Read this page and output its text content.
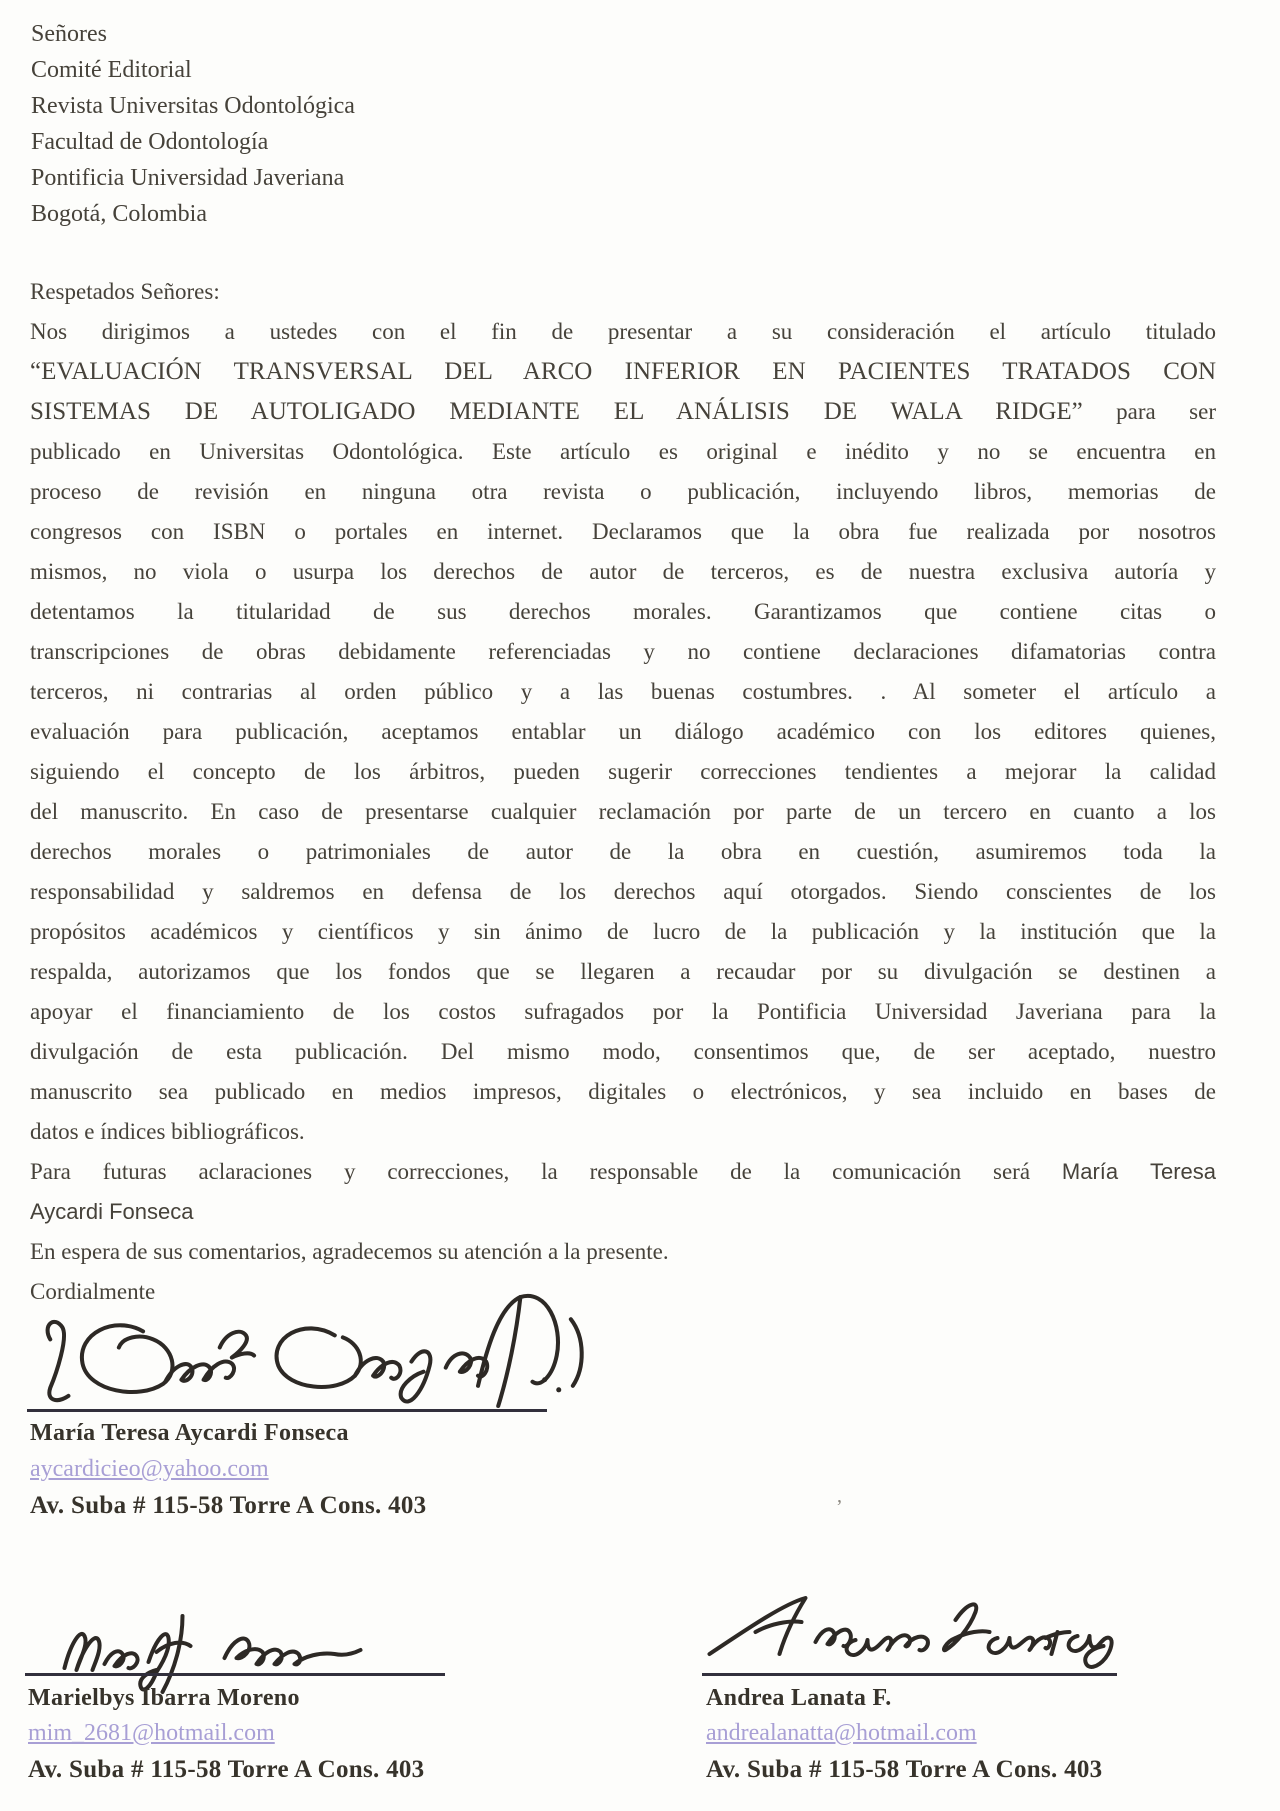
Señores
Comité Editorial
Revista Universitas Odontológica
Facultad de Odontología
Pontificia Universidad Javeriana
Bogotá, Colombia
Respetados Señores:
Nos dirigimos a ustedes con el fin de presentar a su consideración el artículo titulado
“EVALUACIÓN TRANSVERSAL DEL ARCO INFERIOR EN PACIENTES TRATADOS CON
SISTEMAS DE AUTOLIGADO MEDIANTE EL ANÁLISIS DE WALA RIDGE” para ser
publicado en Universitas Odontológica. Este artículo es original e inédito y no se encuentra en
proceso de revisión en ninguna otra revista o publicación, incluyendo libros, memorias de
congresos con ISBN o portales en internet. Declaramos que la obra fue realizada por nosotros
mismos, no viola o usurpa los derechos de autor de terceros, es de nuestra exclusiva autoría y
detentamos la titularidad de sus derechos morales. Garantizamos que contiene citas o
transcripciones de obras debidamente referenciadas y no contiene declaraciones difamatorias contra
terceros, ni contrarias al orden público y a las buenas costumbres. . Al someter el artículo a
evaluación para publicación, aceptamos entablar un diálogo académico con los editores quienes,
siguiendo el concepto de los árbitros, pueden sugerir correcciones tendientes a mejorar la calidad
del manuscrito. En caso de presentarse cualquier reclamación por parte de un tercero en cuanto a los
derechos morales o patrimoniales de autor de la obra en cuestión, asumiremos toda la
responsabilidad y saldremos en defensa de los derechos aquí otorgados. Siendo conscientes de los
propósitos académicos y científicos y sin ánimo de lucro de la publicación y la institución que la
respalda, autorizamos que los fondos que se llegaren a recaudar por su divulgación se destinen a
apoyar el financiamiento de los costos sufragados por la Pontificia Universidad Javeriana para la
divulgación de esta publicación. Del mismo modo, consentimos que, de ser aceptado, nuestro
manuscrito sea publicado en medios impresos, digitales o electrónicos, y sea incluido en bases de
datos e índices bibliográficos.
Para futuras aclaraciones y correcciones, la responsable de la comunicación será María Teresa
Aycardi Fonseca
En espera de sus comentarios, agradecemos su atención a la presente.
Cordialmente
María Teresa Aycardi Fonseca
aycardicieo@yahoo.com
Av. Suba # 115-58 Torre A Cons. 403	’
Marielbys Ibarra Moreno
mim_2681@hotmail.com
Av. Suba # 115-58 Torre A Cons. 403
Andrea Lanata F.
andrealanatta@hotmail.com
Av. Suba # 115-58 Torre A Cons. 403
